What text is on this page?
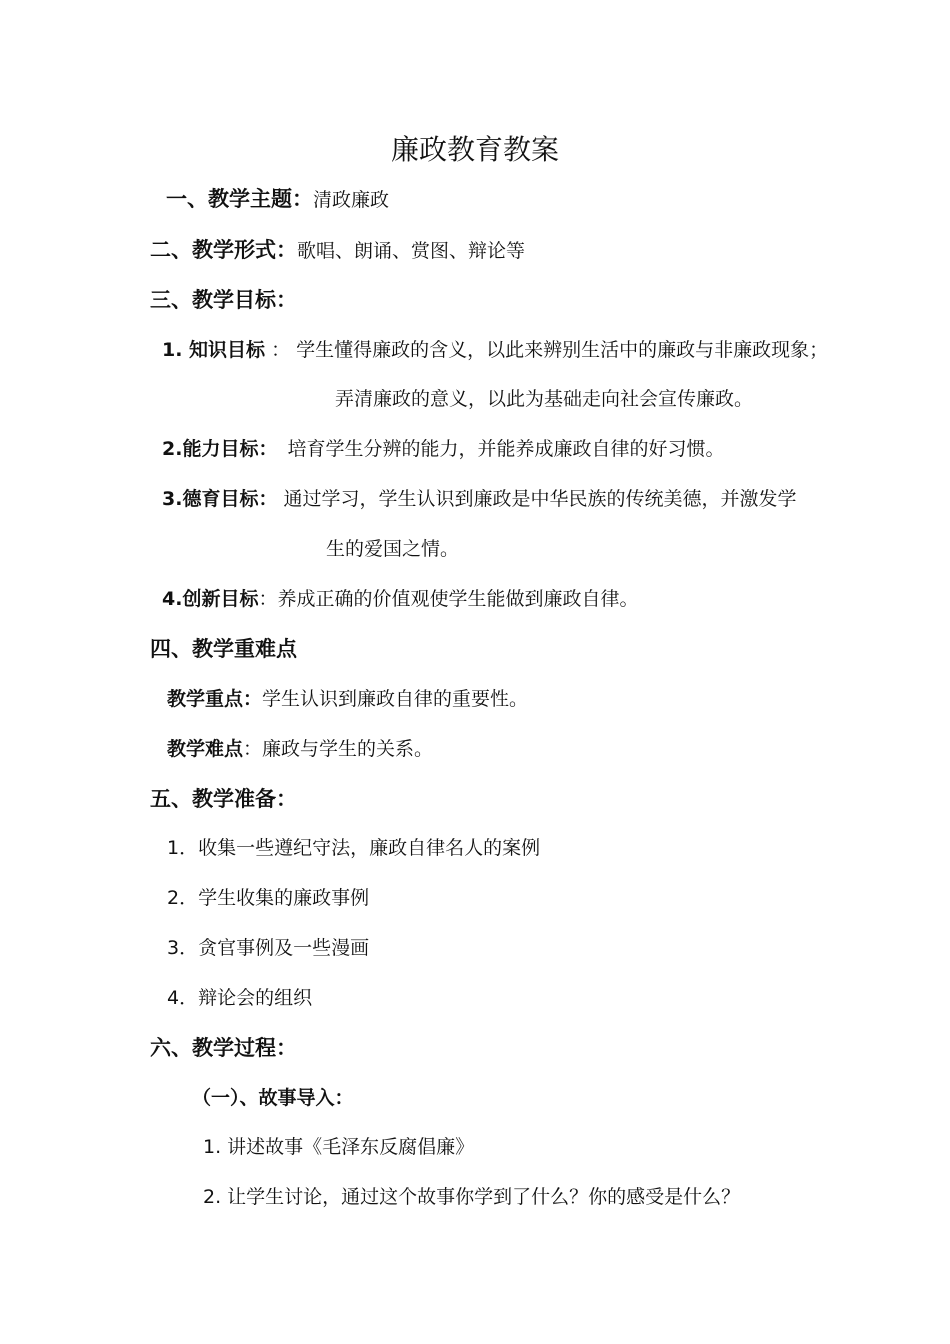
廉政教育教案
一、教学主题：清政廉政
二、教学形式：歌唱、朗诵、赏图、辩论等
三、教学目标：
1. 知识目标 ： 学生懂得廉政的含义，以此来辨别生活中的廉政与非廉政现象；
弄清廉政的意义，以此为基础走向社会宣传廉政。
2.能力目标： 培育学生分辨的能力，并能养成廉政自律的好习惯。
3.德育目标： 通过学习，学生认识到廉政是中华民族的传统美德，并激发学
生的爱国之情。
4.创新目标：养成正确的价值观使学生能做到廉政自律。
四、教学重难点
教学重点：学生认识到廉政自律的重要性。
教学难点：廉政与学生的关系。
五、教学准备：
1．收集一些遵纪守法，廉政自律名人的案例
2．学生收集的廉政事例
3．贪官事例及一些漫画
4．辩论会的组织
六、教学过程：
（一）、故事导入：
1. 讲述故事《毛泽东反腐倡廉》
2. 让学生讨论，通过这个故事你学到了什么？你的感受是什么？
